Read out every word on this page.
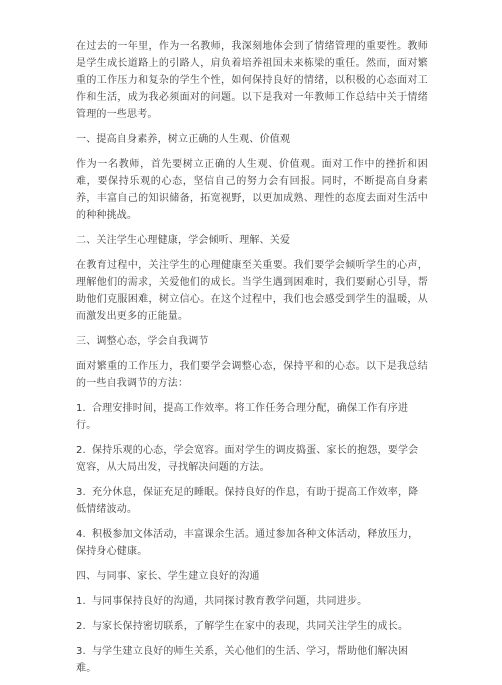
在过去的一年里，作为一名教师，我深刻地体会到了情绪管理的重要性。教师是学生成长道路上的引路人，肩负着培养祖国未来栋梁的重任。然而，面对繁重的工作压力和复杂的学生个性，如何保持良好的情绪，以积极的心态面对工作和生活，成为我必须面对的问题。以下是我对一年教师工作总结中关于情绪管理的一些思考。

一、提高自身素养，树立正确的人生观、价值观

作为一名教师，首先要树立正确的人生观、价值观。面对工作中的挫折和困难，要保持乐观的心态，坚信自己的努力会有回报。同时，不断提高自身素养，丰富自己的知识储备，拓宽视野，以更加成熟、理性的态度去面对生活中的种种挑战。

二、关注学生心理健康，学会倾听、理解、关爱

在教育过程中，关注学生的心理健康至关重要。我们要学会倾听学生的心声，理解他们的需求，关爱他们的成长。当学生遇到困难时，我们要耐心引导，帮助他们克服困难，树立信心。在这个过程中，我们也会感受到学生的温暖，从而激发出更多的正能量。

三、调整心态，学会自我调节

面对繁重的工作压力，我们要学会调整心态，保持平和的心态。以下是我总结的一些自我调节的方法：

1. 合理安排时间，提高工作效率。将工作任务合理分配，确保工作有序进行。

2. 保持乐观的心态，学会宽容。面对学生的调皮捣蛋、家长的抱怨，要学会宽容，从大局出发，寻找解决问题的方法。

3. 充分休息，保证充足的睡眠。保持良好的作息，有助于提高工作效率，降低情绪波动。

4. 积极参加文体活动，丰富课余生活。通过参加各种文体活动，释放压力，保持身心健康。

四、与同事、家长、学生建立良好的沟通

1. 与同事保持良好的沟通，共同探讨教育教学问题，共同进步。

2. 与家长保持密切联系，了解学生在家中的表现，共同关注学生的成长。

3. 与学生建立良好的师生关系，关心他们的生活、学习，帮助他们解决困难。
